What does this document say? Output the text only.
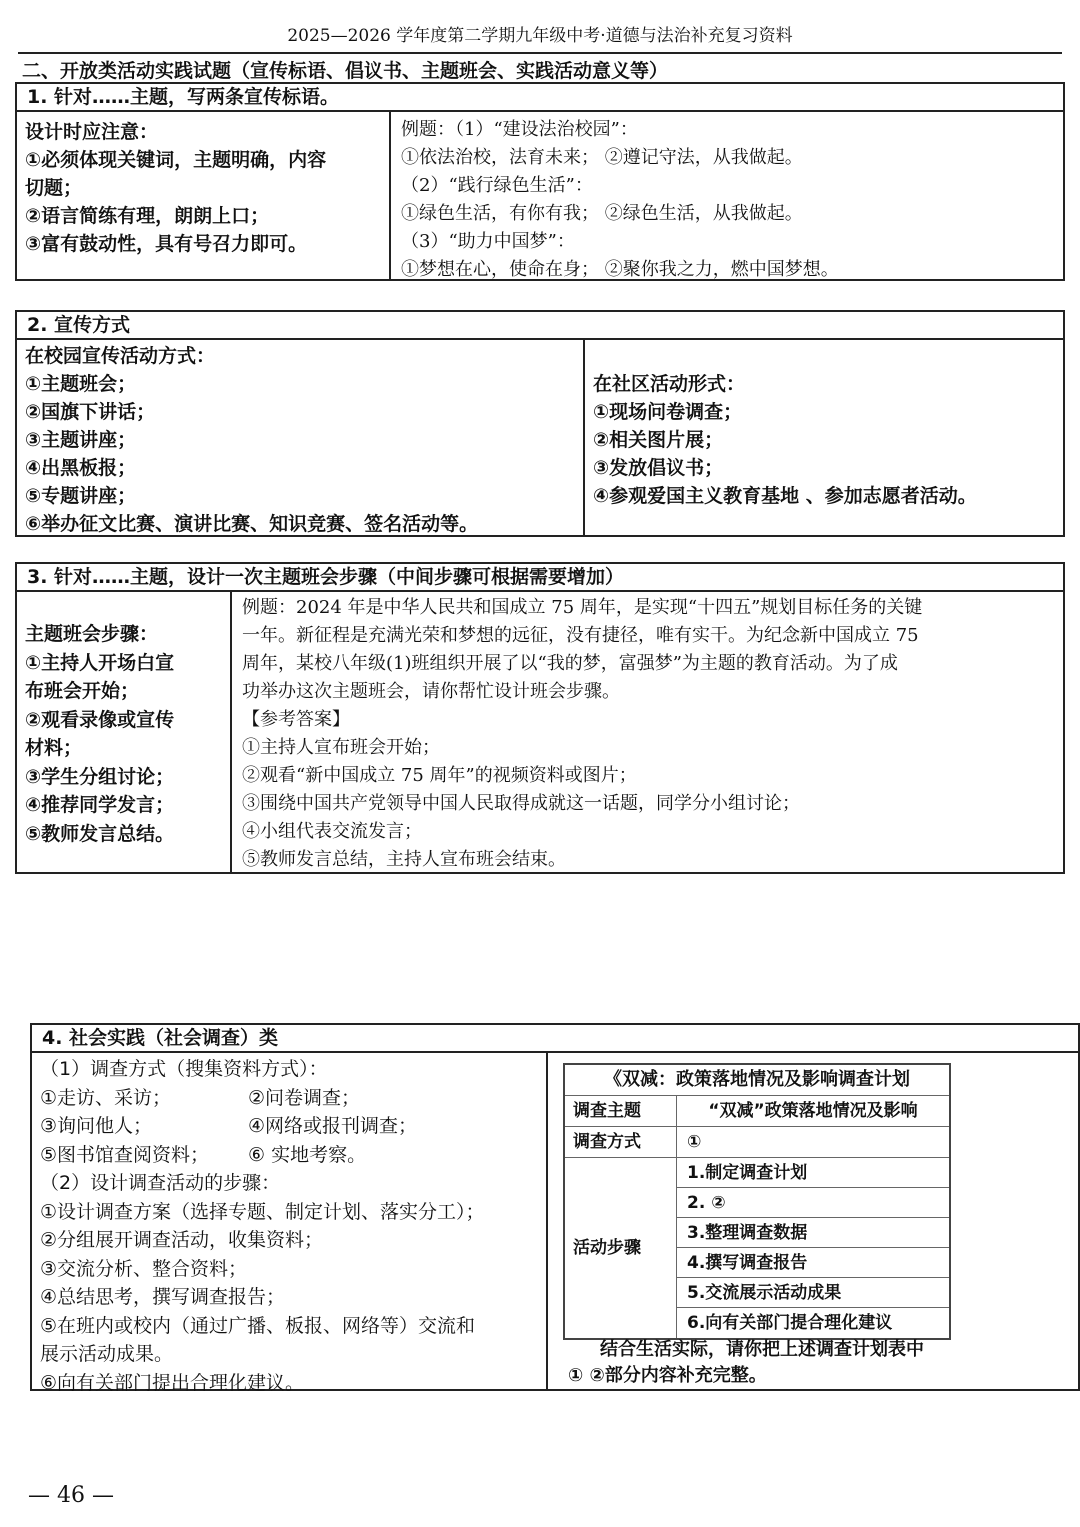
2025—2026 学年度第二学期九年级中考·道德与法治补充复习资料
二、开放类活动实践试题（宣传标语、倡议书、主题班会、实践活动意义等）
1. 针对……主题，写两条宣传标语。
设计时应注意：
①必须体现关键词，主题明确，内容
切题；
②语言简练有理，朗朗上口；
③富有鼓动性，具有号召力即可。
例题：（1）“建设法治校园”：
①依法治校，法育未来； ②遵记守法，从我做起。
（2）“践行绿色生活”：
①绿色生活，有你有我； ②绿色生活，从我做起。
（3）“助力中国梦”：
①梦想在心，使命在身； ②聚你我之力，燃中国梦想。
2. 宣传方式
在校园宣传活动方式：
①主题班会；
②国旗下讲话；
③主题讲座；
④出黑板报；
⑤专题讲座；
⑥举办征文比赛、演讲比赛、知识竞赛、签名活动等。
在社区活动形式：
①现场问卷调查；
②相关图片展；
③发放倡议书；
④参观爱国主义教育基地 、参加志愿者活动。
3. 针对……主题，设计一次主题班会步骤（中间步骤可根据需要增加）
主题班会步骤：
①主持人开场白宣
布班会开始；
②观看录像或宣传
材料；
③学生分组讨论；
④推荐同学发言；
⑤教师发言总结。
例题：2024 年是中华人民共和国成立 75 周年，是实现“十四五”规划目标任务的关键
一年。新征程是充满光荣和梦想的远征，没有捷径，唯有实干。为纪念新中国成立 75
周年，某校八年级(1)班组织开展了以“我的梦，富强梦”为主题的教育活动。为了成
功举办这次主题班会，请你帮忙设计班会步骤。
【参考答案】
①主持人宣布班会开始；
②观看“新中国成立 75 周年”的视频资料或图片；
③围绕中国共产党领导中国人民取得成就这一话题，同学分小组讨论；
④小组代表交流发言；
⑤教师发言总结，主持人宣布班会结束。
4. 社会实践（社会调查）类
（1）调查方式（搜集资料方式）：
①走访、采访；	②问卷调查；
③询问他人；	④网络或报刊调查；
⑤图书馆查阅资料；	⑥ 实地考察。
（2）设计调查活动的步骤：
①设计调查方案（选择专题、制定计划、落实分工）；
②分组展开调查活动，收集资料；
③交流分析、整合资料；
④总结思考，撰写调查报告；
⑤在班内或校内（通过广播、板报、网络等）交流和
展示活动成果。
⑥向有关部门提出合理化建议。
《双减：政策落地情况及影响调查计划
调查主题	“双减”政策落地情况及影响
调查方式	①
活动步骤
1.制定调查计划
2. ②
3.整理调查数据
4.撰写调查报告
5.交流展示活动成果
6.向有关部门提合理化建议
结合生活实际，请你把上述调查计划表中
① ②部分内容补充完整。
— 46 —
